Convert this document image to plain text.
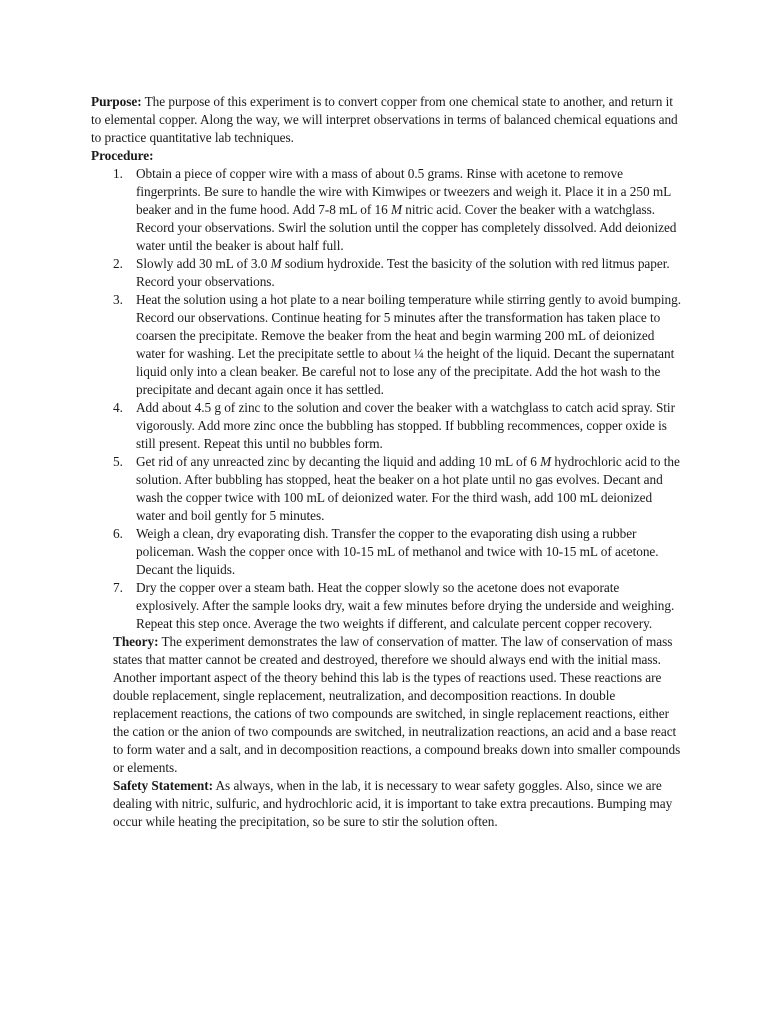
Purpose: The purpose of this experiment is to convert copper from one chemical state to another, and return it to elemental copper. Along the way, we will interpret observations in terms of balanced chemical equations and to practice quantitative lab techniques.

Procedure:

1. Obtain a piece of copper wire with a mass of about 0.5 grams. Rinse with acetone to remove fingerprints. Be sure to handle the wire with Kimwipes or tweezers and weigh it. Place it in a 250 mL beaker and in the fume hood. Add 7-8 mL of 16 M nitric acid. Cover the beaker with a watchglass. Record your observations. Swirl the solution until the copper has completely dissolved. Add deionized water until the beaker is about half full.
2. Slowly add 30 mL of 3.0 M sodium hydroxide. Test the basicity of the solution with red litmus paper. Record your observations.
3. Heat the solution using a hot plate to a near boiling temperature while stirring gently to avoid bumping. Record our observations. Continue heating for 5 minutes after the transformation has taken place to coarsen the precipitate. Remove the beaker from the heat and begin warming 200 mL of deionized water for washing. Let the precipitate settle to about ¼ the height of the liquid. Decant the supernatant liquid only into a clean beaker. Be careful not to lose any of the precipitate. Add the hot wash to the precipitate and decant again once it has settled.
4. Add about 4.5 g of zinc to the solution and cover the beaker with a watchglass to catch acid spray. Stir vigorously. Add more zinc once the bubbling has stopped. If bubbling recommences, copper oxide is still present. Repeat this until no bubbles form.
5. Get rid of any unreacted zinc by decanting the liquid and adding 10 mL of 6 M hydrochloric acid to the solution. After bubbling has stopped, heat the beaker on a hot plate until no gas evolves. Decant and wash the copper twice with 100 mL of deionized water. For the third wash, add 100 mL deionized water and boil gently for 5 minutes.
6. Weigh a clean, dry evaporating dish. Transfer the copper to the evaporating dish using a rubber policeman. Wash the copper once with 10-15 mL of methanol and twice with 10-15 mL of acetone. Decant the liquids.
7. Dry the copper over a steam bath. Heat the copper slowly so the acetone does not evaporate explosively. After the sample looks dry, wait a few minutes before drying the underside and weighing. Repeat this step once. Average the two weights if different, and calculate percent copper recovery.

Theory: The experiment demonstrates the law of conservation of matter. The law of conservation of mass states that matter cannot be created and destroyed, therefore we should always end with the initial mass.

Another important aspect of the theory behind this lab is the types of reactions used. These reactions are double replacement, single replacement, neutralization, and decomposition reactions. In double replacement reactions, the cations of two compounds are switched, in single replacement reactions, either the cation or the anion of two compounds are switched, in neutralization reactions, an acid and a base react to form water and a salt, and in decomposition reactions, a compound breaks down into smaller compounds or elements.

Safety Statement: As always, when in the lab, it is necessary to wear safety goggles. Also, since we are dealing with nitric, sulfuric, and hydrochloric acid, it is important to take extra precautions. Bumping may occur while heating the precipitation, so be sure to stir the solution often.
